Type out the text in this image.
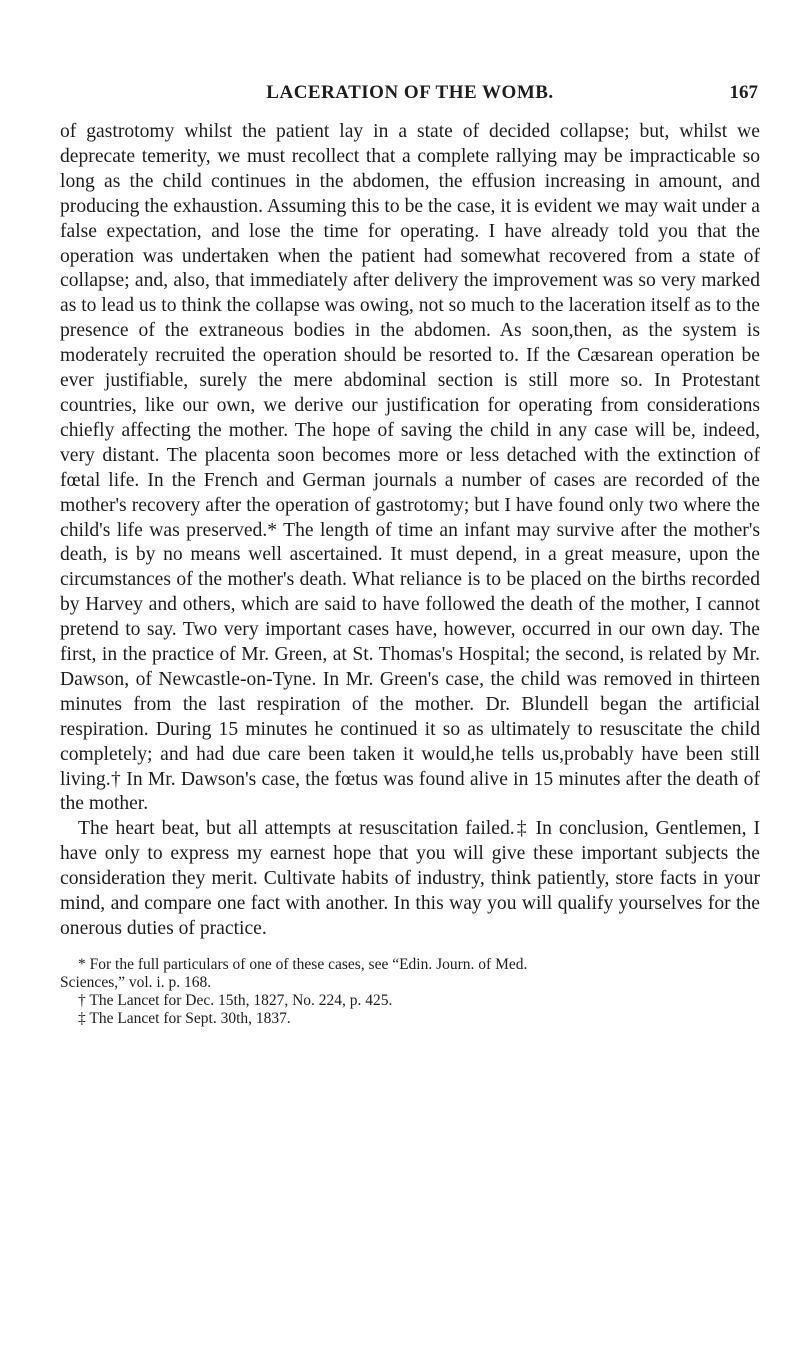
LACERATION OF THE WOMB.	167

of gastrotomy whilst the patient lay in a state of decided collapse; but, whilst we deprecate temerity, we must recollect that a complete rallying may be impracticable so long as the child continues in the abdomen, the effusion increasing in amount, and producing the exhaustion. Assuming this to be the case, it is evident we may wait under a false expectation, and lose the time for operating. I have already told you that the operation was undertaken when the patient had somewhat recovered from a state of collapse; and, also, that immediately after delivery the improvement was so very marked as to lead us to think the collapse was owing, not so much to the laceration itself as to the presence of the extraneous bodies in the abdomen. As soon,then, as the system is moderately recruited the operation should be resorted to. If the Cæsarean operation be ever justifiable, surely the mere abdominal section is still more so. In Protestant countries, like our own, we derive our justification for operating from considerations chiefly affecting the mother. The hope of saving the child in any case will be, indeed, very distant. The placenta soon becomes more or less detached with the extinction of fœtal life. In the French and German journals a number of cases are recorded of the mother's recovery after the operation of gastrotomy; but I have found only two where the child's life was preserved.* The length of time an infant may survive after the mother's death, is by no means well ascertained. It must depend, in a great measure, upon the circumstances of the mother's death. What reliance is to be placed on the births recorded by Harvey and others, which are said to have followed the death of the mother, I cannot pretend to say. Two very important cases have, however, occurred in our own day. The first, in the practice of Mr. Green, at St. Thomas's Hospital; the second, is related by Mr. Dawson, of Newcastle-on-Tyne. In Mr. Green's case, the child was removed in thirteen minutes from the last respiration of the mother. Dr. Blundell began the artificial respiration. During 15 minutes he continued it so as ultimately to resuscitate the child completely; and had due care been taken it would,he tells us,probably have been still living.† In Mr. Dawson's case, the fœtus was found alive in 15 minutes after the death of the mother.

The heart beat, but all attempts at resuscitation failed.‡ In conclusion, Gentlemen, I have only to express my earnest hope that you will give these important subjects the consideration they merit. Cultivate habits of industry, think patiently, store facts in your mind, and compare one fact with another. In this way you will qualify yourselves for the onerous duties of practice.

* For the full particulars of one of these cases, see “Edin. Journ. of Med.

Sciences,” vol. i. p. 168.

† The Lancet for Dec. 15th, 1827, No. 224, p. 425.

‡ The Lancet for Sept. 30th, 1837.
